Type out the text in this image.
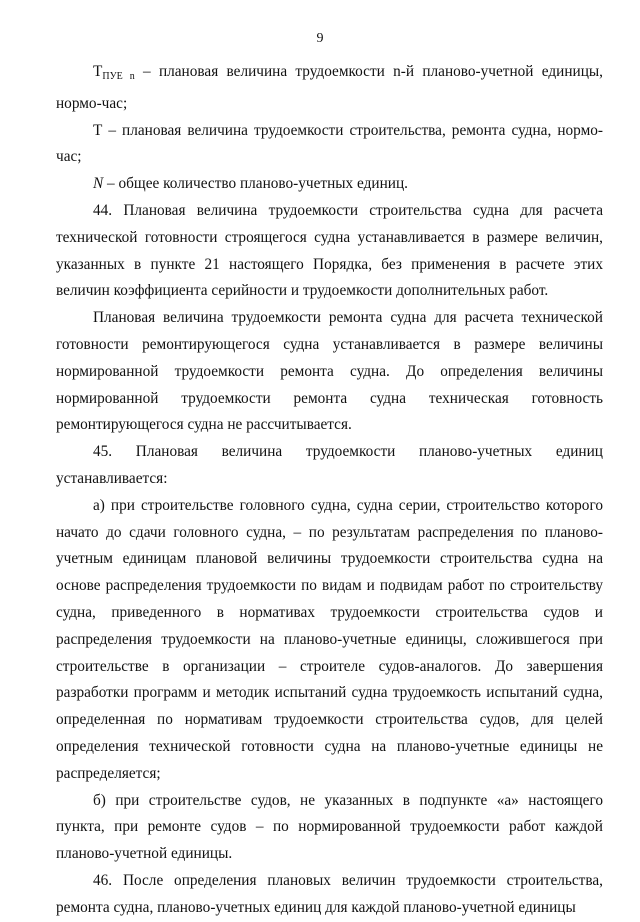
9

$T_{ПУЕ n}$ – плановая величина трудоемкости n-й планово-учетной единицы, нормо-час;

Т – плановая величина трудоемкости строительства, ремонта судна, нормо-час;

N – общее количество планово-учетных единиц.

44. Плановая величина трудоемкости строительства судна для расчета технической готовности строящегося судна устанавливается в размере величин, указанных в пункте 21 настоящего Порядка, без применения в расчете этих величин коэффициента серийности и трудоемкости дополнительных работ.

Плановая величина трудоемкости ремонта судна для расчета технической готовности ремонтирующегося судна устанавливается в размере величины нормированной трудоемкости ремонта судна. До определения величины нормированной трудоемкости ремонта судна техническая готовность ремонтирующегося судна не рассчитывается.

45. Плановая величина трудоемкости планово-учетных единиц устанавливается:

а) при строительстве головного судна, судна серии, строительство которого начато до сдачи головного судна, – по результатам распределения по планово-учетным единицам плановой величины трудоемкости строительства судна на основе распределения трудоемкости по видам и подвидам работ по строительству судна, приведенного в нормативах трудоемкости строительства судов и распределения трудоемкости на планово-учетные единицы, сложившегося при строительстве в организации – строителе судов-аналогов. До завершения разработки программ и методик испытаний судна трудоемкость испытаний судна, определенная по нормативам трудоемкости строительства судов, для целей определения технической готовности судна на планово-учетные единицы не распределяется;

б) при строительстве судов, не указанных в подпункте «а» настоящего пункта, при ремонте судов – по нормированной трудоемкости работ каждой планово-учетной единицы.

46. После определения плановых величин трудоемкости строительства, ремонта судна, планово-учетных единиц для каждой планово-учетной единицы
